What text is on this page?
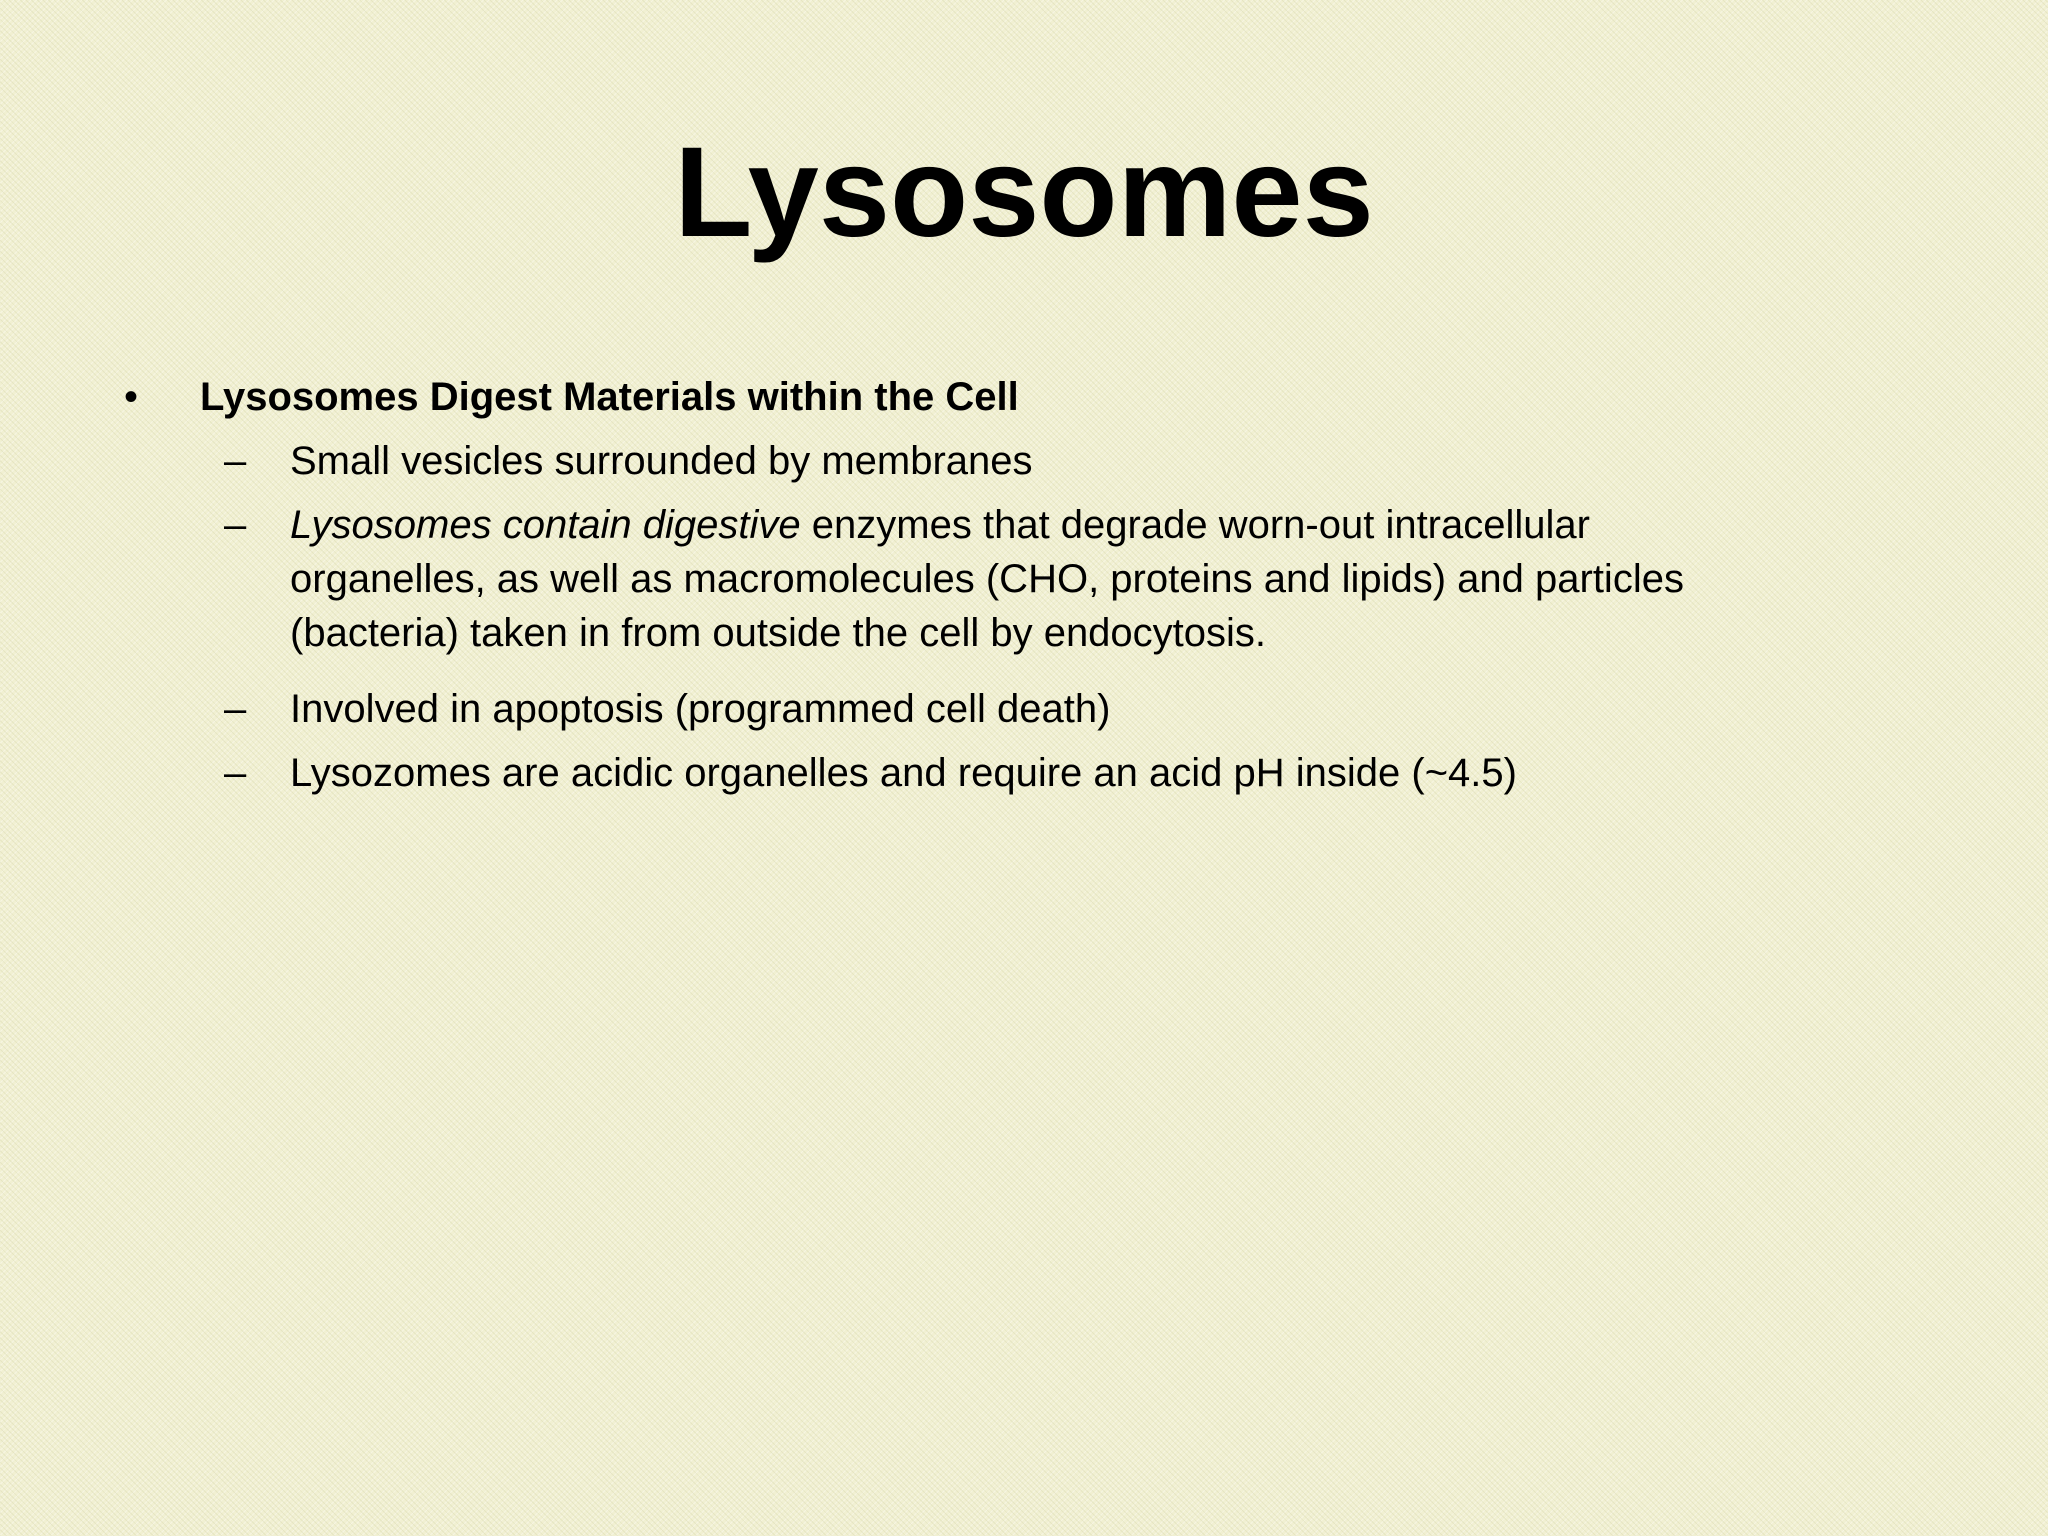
Lysosomes
• Lysosomes Digest Materials within the Cell
– Small vesicles surrounded by membranes
– Lysosomes contain digestive enzymes that degrade worn-out intracellular
organelles, as well as macromolecules (CHO, proteins and lipids) and particles
(bacteria) taken in from outside the cell by endocytosis.
– Involved in apoptosis (programmed cell death)
– Lysozomes are acidic organelles and require an acid pH inside (~4.5)
